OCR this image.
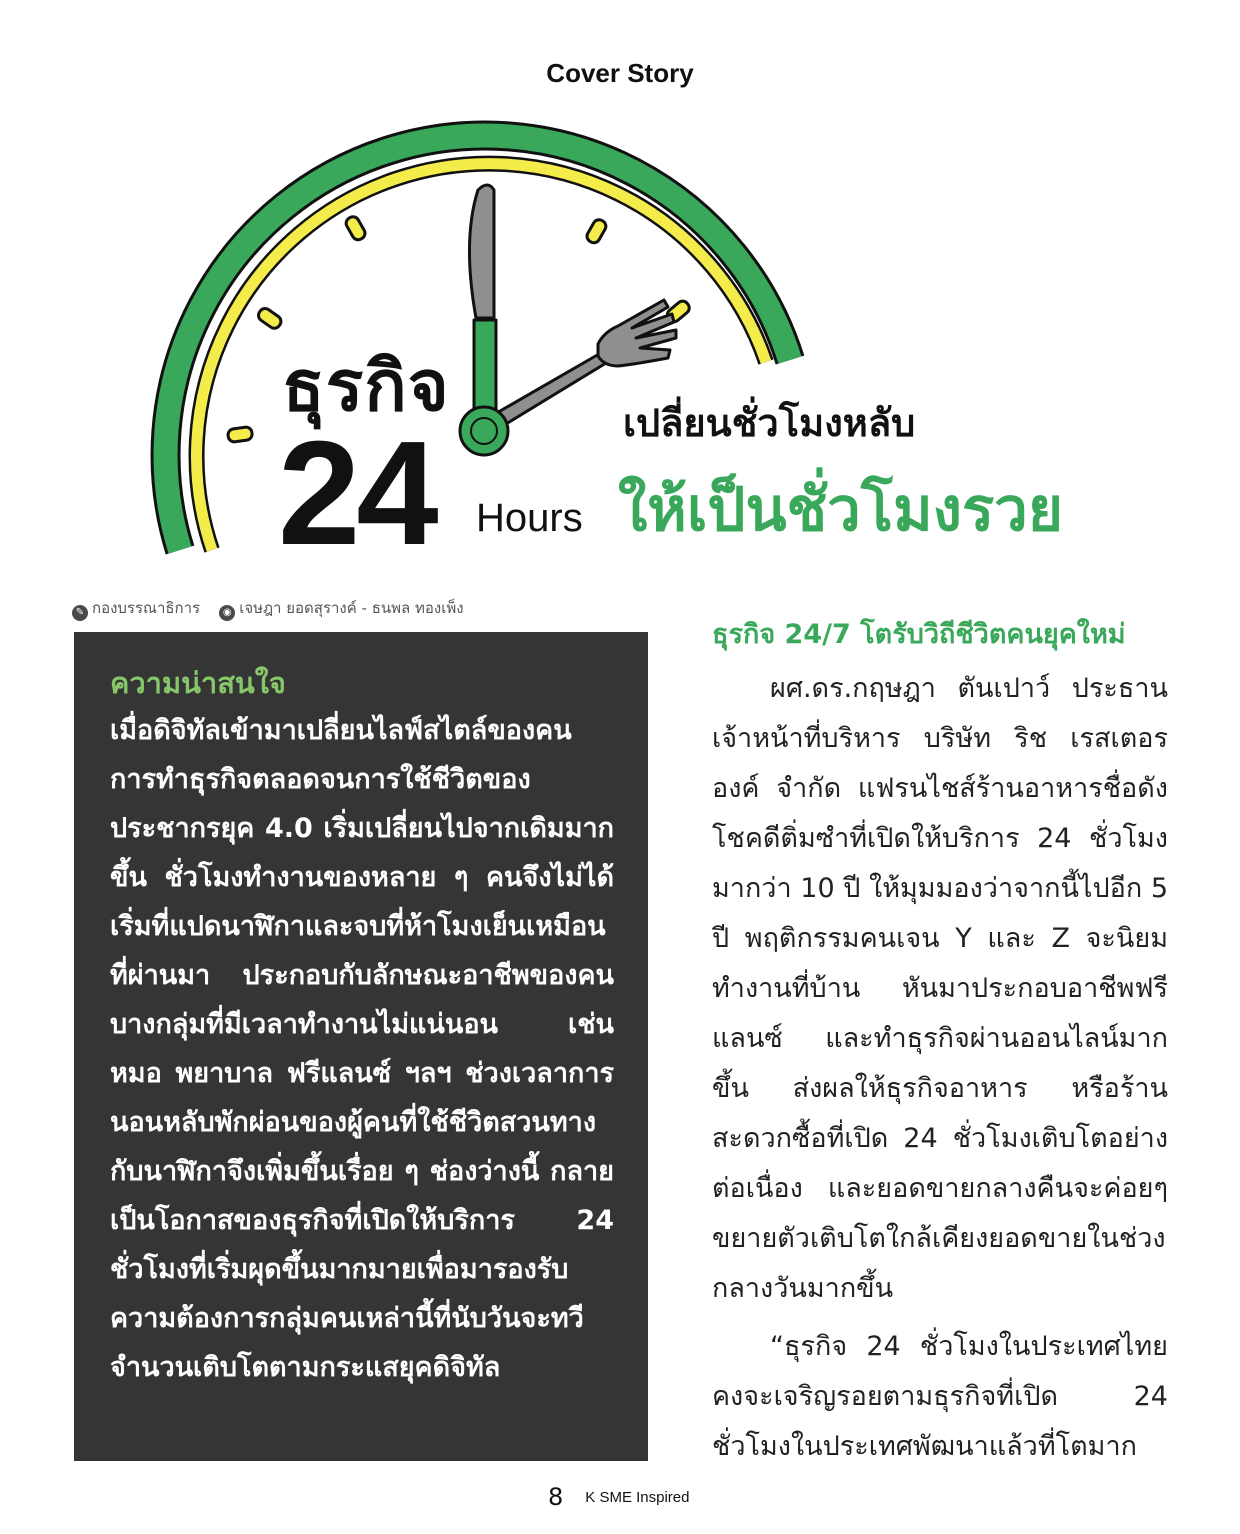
Cover Story
ธุรกิจ
24 Hours
เปลี่ยนชั่วโมงหลับ
ให้เป็นชั่วโมงรวย
✎ กองบรรณาธิการ ◉ เจษฎา ยอดสุรางค์ - ธนพล ทองเพ็ง
ความน่าสนใจ
เมื่อดิจิทัลเข้ามาเปลี่ยนไลฟ์สไตล์ของคน การทำธุรกิจตลอดจนการใช้ชีวิตของประชากรยุค 4.0 เริ่มเปลี่ยนไปจากเดิมมากขึ้น ชั่วโมงทำงานของหลาย ๆ คนจึงไม่ได้เริ่มที่แปดนาฬิกาและจบที่ห้าโมงเย็นเหมือนที่ผ่านมา ประกอบกับลักษณะอาชีพของคนบางกลุ่มที่มีเวลาทำงานไม่แน่นอน เช่น หมอ พยาบาล ฟรีแลนซ์ ฯลฯ ช่วงเวลาการนอนหลับพักผ่อนของผู้คนที่ใช้ชีวิตสวนทางกับนาฬิกาจึงเพิ่มขึ้นเรื่อย ๆ ช่องว่างนี้ กลายเป็นโอกาสของธุรกิจที่เปิดให้บริการ 24 ชั่วโมงที่เริ่มผุดขึ้นมากมายเพื่อมารองรับความต้องการกลุ่มคนเหล่านี้ที่นับวันจะทวีจำนวนเติบโตตามกระแสยุคดิจิทัล
ธุรกิจ 24/7 โตรับวิถีชีวิตคนยุคใหม่

ผศ.ดร.กฤษฎา ตันเปาว์ ประธานเจ้าหน้าที่บริหาร บริษัท ริช เรสเตอรองค์ จำกัด แฟรนไชส์ร้านอาหารชื่อดังโชคดีติ่มซำที่เปิดให้บริการ 24 ชั่วโมงมากว่า 10 ปี ให้มุมมองว่าจากนี้ไปอีก 5 ปี พฤติกรรมคนเจน Y และ Z จะนิยมทำงานที่บ้าน หันมาประกอบอาชีพฟรีแลนซ์ และทำธุรกิจผ่านออนไลน์มากขึ้น ส่งผลให้ธุรกิจอาหาร หรือร้านสะดวกซื้อที่เปิด 24 ชั่วโมงเติบโตอย่างต่อเนื่อง และยอดขายกลางคืนจะค่อยๆ ขยายตัวเติบโตใกล้เคียงยอดขายในช่วงกลางวันมากขึ้น

“ธุรกิจ 24 ชั่วโมงในประเทศไทยคงจะเจริญรอยตามธุรกิจที่เปิด 24 ชั่วโมงในประเทศพัฒนาแล้วที่โตมาก

8 K SME Inspired
